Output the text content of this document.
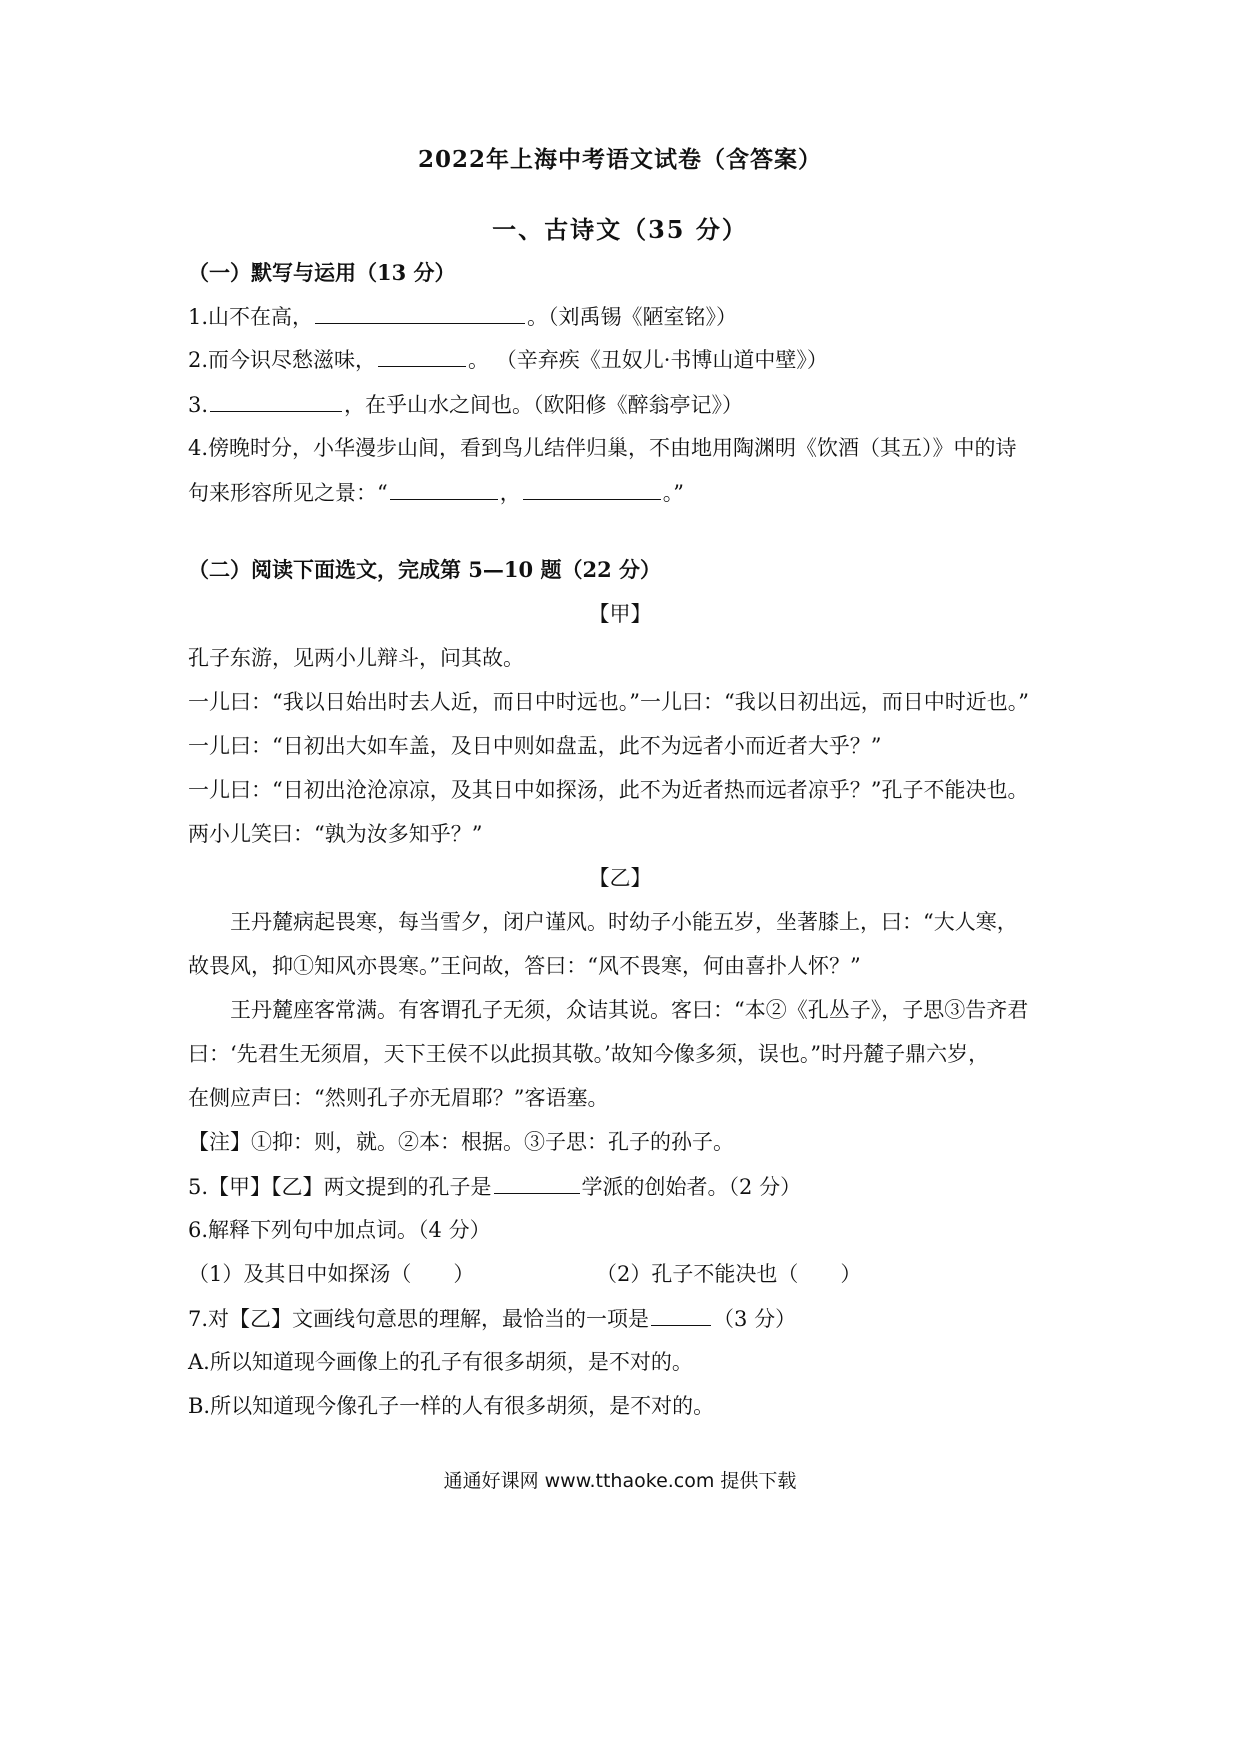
2022年上海中考语文试卷（含答案）
一、古诗文（35 分）
（一）默写与运用（13 分）
1.山不在高，	。（刘禹锡《陋室铭》）
2.而今识尽愁滋味，	。 （辛弃疾《丑奴儿·书博山道中壁》）
3.	，在乎山水之间也。（欧阳修《醉翁亭记》）
4.傍晚时分，小华漫步山间，看到鸟儿结伴归巢，不由地用陶渊明《饮酒（其五）》中的诗
句来形容所见之景：“	，	。”
（二）阅读下面选文，完成第 5—10 题（22 分）
【甲】
孔子东游，见两小儿辩斗，问其故。
一儿曰：“我以日始出时去人近，而日中时远也。”一儿曰：“我以日初出远，而日中时近也。”
一儿曰：“日初出大如车盖，及日中则如盘盂，此不为远者小而近者大乎？”
一儿曰：“日初出沧沧凉凉，及其日中如探汤，此不为近者热而远者凉乎？”孔子不能决也。
两小儿笑曰：“孰为汝多知乎？”
【乙】
王丹麓病起畏寒，每当雪夕，闭户谨风。时幼子小能五岁，坐著膝上，曰：“大人寒，
故畏风，抑①知风亦畏寒。”王问故，答曰：“风不畏寒，何由喜扑人怀？”
王丹麓座客常满。有客谓孔子无须，众诘其说。客曰：“本②《孔丛子》，子思③告齐君
曰：‘先君生无须眉，天下王侯不以此损其敬。’故知今像多须，误也。”时丹麓子鼎六岁，
在侧应声曰：“然则孔子亦无眉耶？”客语塞。
【注】①抑：则，就。②本：根据。③子思：孔子的孙子。
5.【甲】【乙】两文提到的孔子是	学派的创始者。（2 分）
6.解释下列句中加点词。（4 分）
（1）及其日中如探汤（　　）	（2）孔子不能决也（　　）
7.对【乙】文画线句意思的理解，最恰当的一项是	（3 分）
A.所以知道现今画像上的孔子有很多胡须，是不对的。
B.所以知道现今像孔子一样的人有很多胡须，是不对的。
通通好课网 www.tthaoke.com 提供下载
